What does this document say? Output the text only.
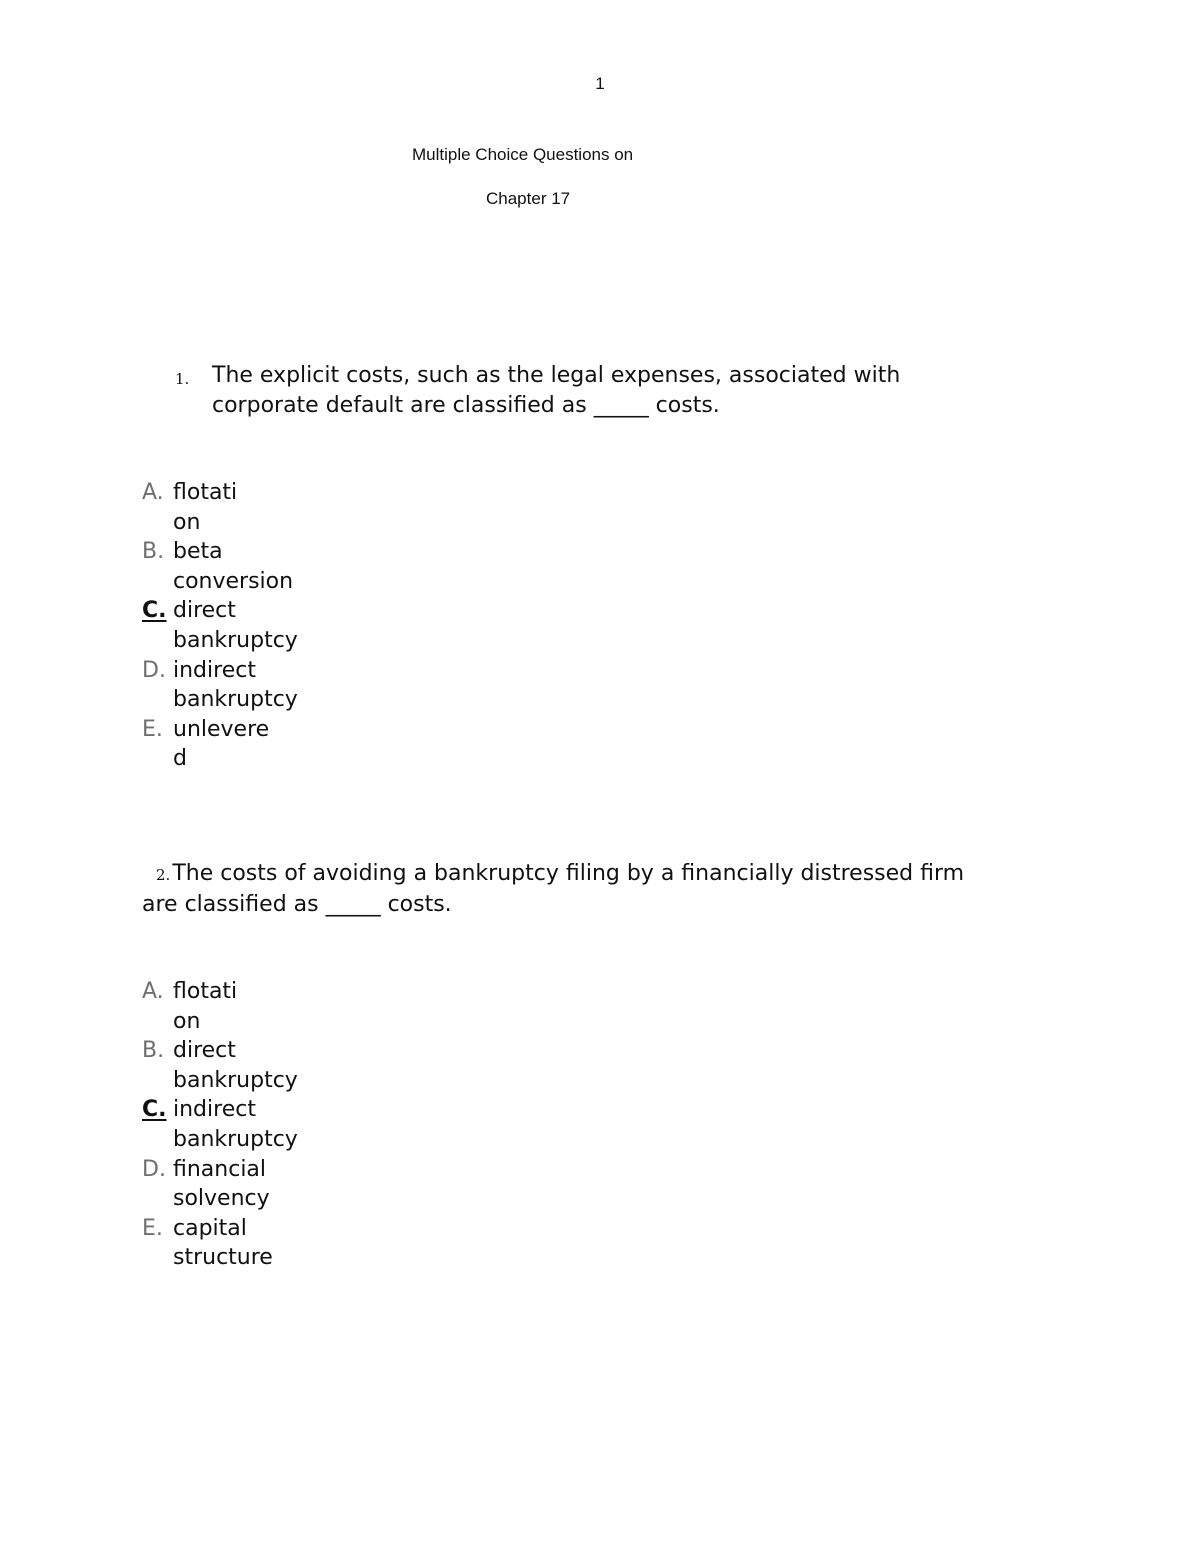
1
Multiple Choice Questions on
Chapter 17
1. The explicit costs, such as the legal expenses, associated with
corporate default are classified as _____ costs.
A. flotati
on
B. beta
conversion
C. direct
bankruptcy
D. indirect
bankruptcy
E. unlevere
d
2.The costs of avoiding a bankruptcy filing by a financially distressed firm
are classified as _____ costs.
A. flotati
on
B. direct
bankruptcy
C. indirect
bankruptcy
D. financial
solvency
E. capital
structure
